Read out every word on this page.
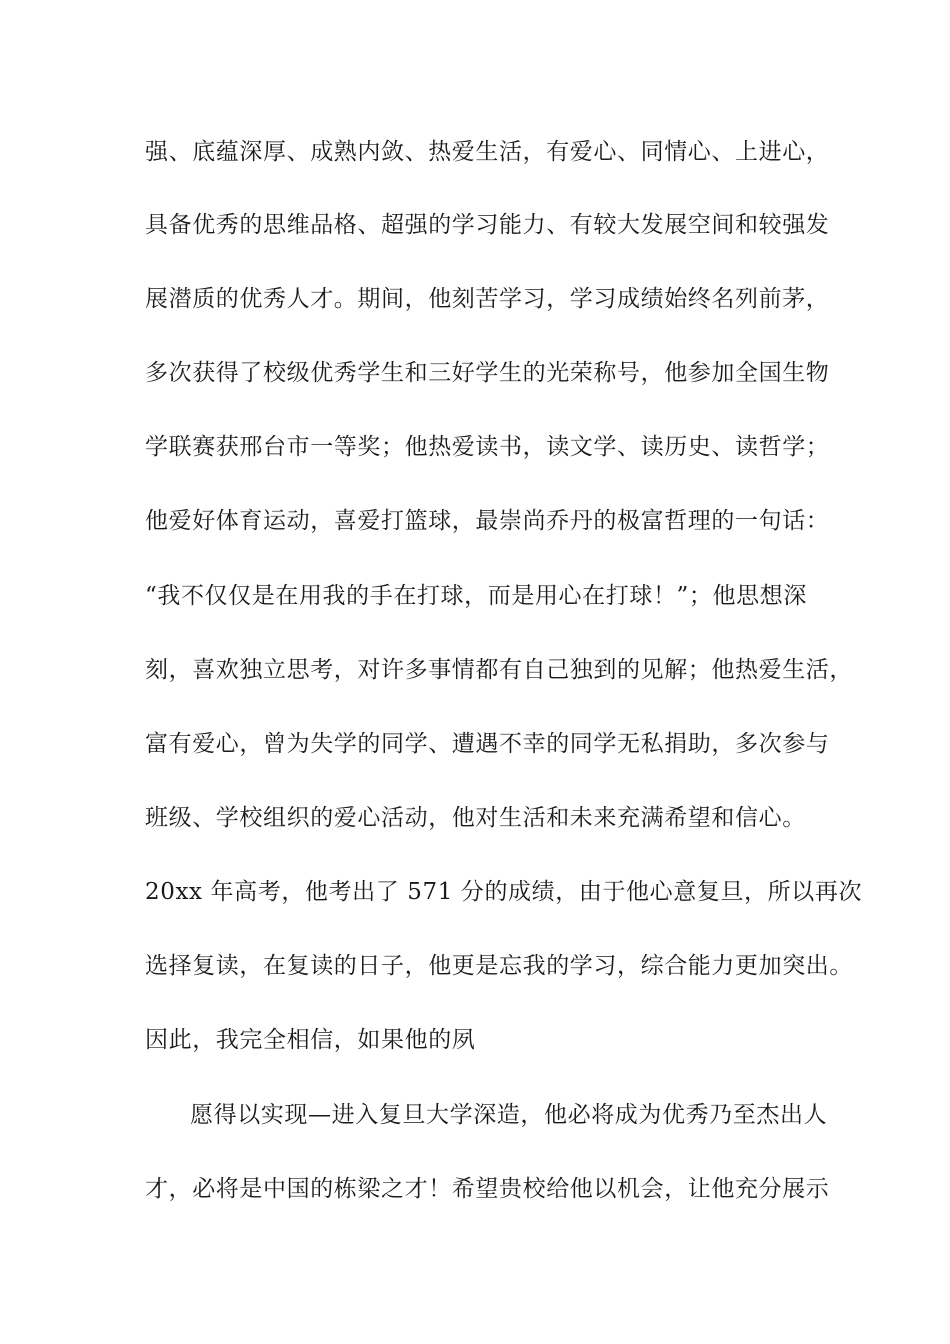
强、底蕴深厚、成熟内敛、热爱生活，有爱心、同情心、上进心，
具备优秀的思维品格、超强的学习能力、有较大发展空间和较强发
展潜质的优秀人才。期间，他刻苦学习，学习成绩始终名列前茅，
多次获得了校级优秀学生和三好学生的光荣称号，他参加全国生物
学联赛获邢台市一等奖；他热爱读书，读文学、读历史、读哲学；
他爱好体育运动，喜爱打篮球，最崇尚乔丹的极富哲理的一句话：
“我不仅仅是在用我的手在打球，而是用心在打球！”；他思想深
刻，喜欢独立思考，对许多事情都有自己独到的见解；他热爱生活，
富有爱心，曾为失学的同学、遭遇不幸的同学无私捐助，多次参与
班级、学校组织的爱心活动，他对生活和未来充满希望和信心。
20xx 年高考，他考出了 571 分的成绩，由于他心意复旦，所以再次
选择复读，在复读的日子，他更是忘我的学习，综合能力更加突出。
因此，我完全相信，如果他的夙
愿得以实现—进入复旦大学深造，他必将成为优秀乃至杰出人
才，必将是中国的栋梁之才！希望贵校给他以机会，让他充分展示
